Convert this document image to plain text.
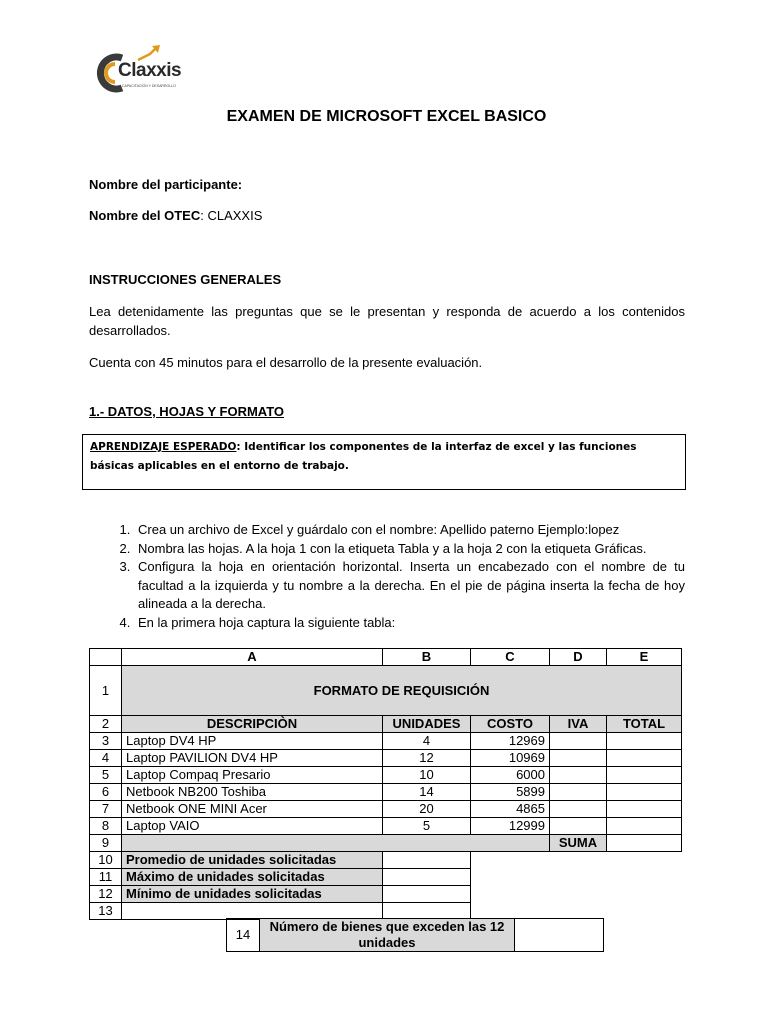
Claxxis
CAPACITACIÓN Y DESARROLLO
EXAMEN DE MICROSOFT EXCEL BASICO
Nombre del participante:
Nombre del OTEC: CLAXXIS
INSTRUCCIONES GENERALES
Lea detenidamente las preguntas que se le presentan y responda de acuerdo a los contenidos desarrollados.
Cuenta con 45 minutos para el desarrollo de la presente evaluación.
1.- DATOS, HOJAS Y FORMATO
APRENDIZAJE ESPERADO: Identificar los componentes de la interfaz de excel y las funciones básicas aplicables en el entorno de trabajo.
1. Crea un archivo de Excel y guárdalo con el nombre: Apellido paterno Ejemplo:lopez
2. Nombra las hojas. A la hoja 1 con la etiqueta Tabla y a la hoja 2 con la etiqueta Gráficas.
3. Configura la hoja en orientación horizontal. Inserta un encabezado con el nombre de tu facultad a la izquierda y tu nombre a la derecha. En el pie de página inserta la fecha de hoy alineada a la derecha.
4. En la primera hoja captura la siguiente tabla:
	A	B	C	D	E
1	FORMATO DE REQUISICIÓN				
2	DESCRIPCIÒN	UNIDADES	COSTO	IVA	TOTAL
3	Laptop DV4 HP	4	12969		
4	Laptop PAVILION DV4 HP	12	10969		
5	Laptop Compaq Presario	10	6000		
6	Netbook NB200 Toshiba	14	5899		
7	Netbook ONE MINI Acer	20	4865		
8	Laptop VAIO	5	12999		
9				SUMA	
10	Promedio de unidades solicitadas				
11	Máximo de unidades solicitadas				
12	Mínimo de unidades solicitadas				
13					
14	Número de bienes que exceden las 12 unidades	
